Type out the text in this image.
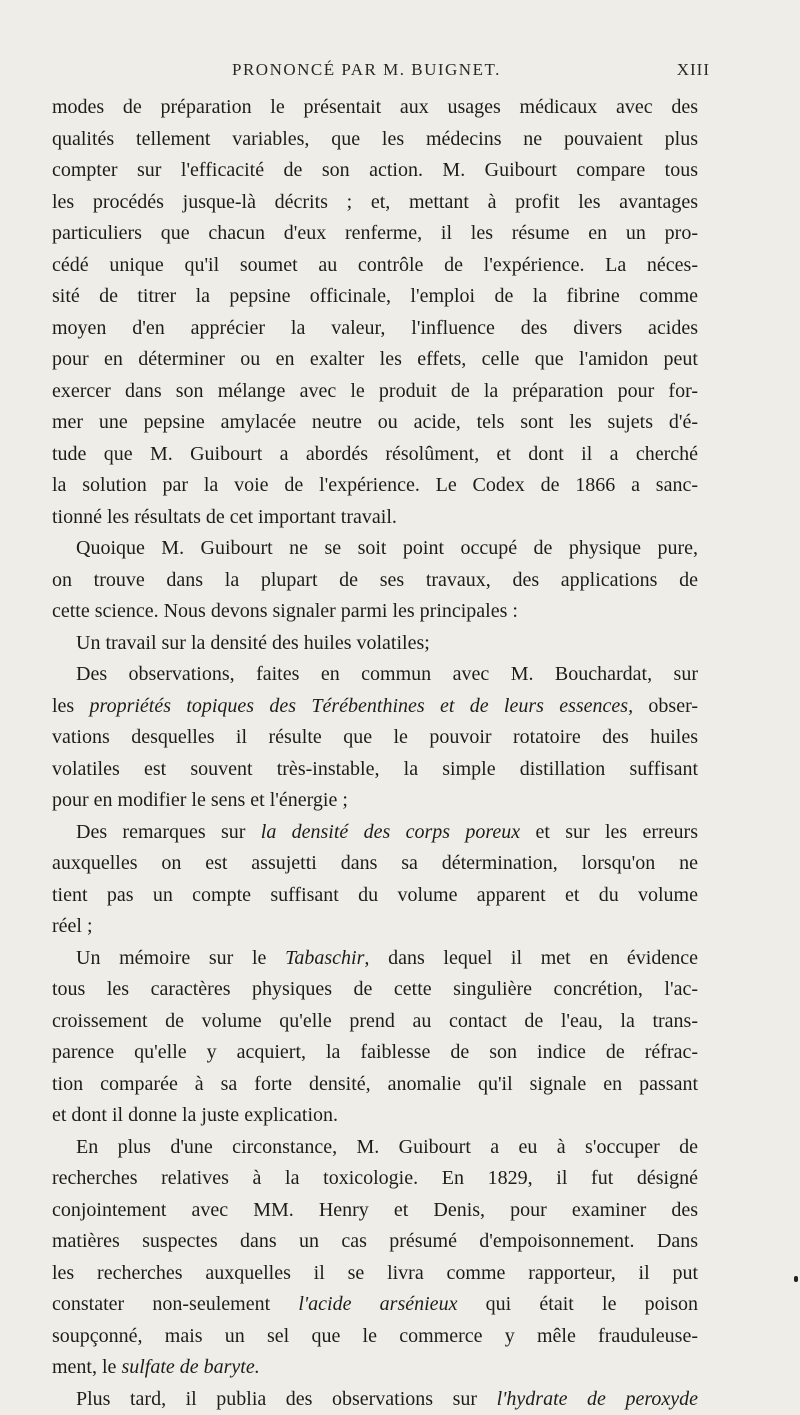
PRONONCÉ PAR M. BUIGNET.	XIII
modes de préparation le présentait aux usages médicaux avec des
qualités tellement variables, que les médecins ne pouvaient plus
compter sur l'efficacité de son action. M. Guibourt compare tous
les procédés jusque-là décrits ; et, mettant à profit les avantages
particuliers que chacun d'eux renferme, il les résume en un pro-
cédé unique qu'il soumet au contrôle de l'expérience. La néces-
sité de titrer la pepsine officinale, l'emploi de la fibrine comme
moyen d'en apprécier la valeur, l'influence des divers acides
pour en déterminer ou en exalter les effets, celle que l'amidon peut
exercer dans son mélange avec le produit de la préparation pour for-
mer une pepsine amylacée neutre ou acide, tels sont les sujets d'é-
tude que M. Guibourt a abordés résolûment, et dont il a cherché
la solution par la voie de l'expérience. Le Codex de 1866 a sanc-
tionné les résultats de cet important travail.
Quoique M. Guibourt ne se soit point occupé de physique pure,
on trouve dans la plupart de ses travaux, des applications de
cette science. Nous devons signaler parmi les principales :
Un travail sur la densité des huiles volatiles;
Des observations, faites en commun avec M. Bouchardat, sur
les propriétés topiques des Térébenthines et de leurs essences, obser-
vations desquelles il résulte que le pouvoir rotatoire des huiles
volatiles est souvent très-instable, la simple distillation suffisant
pour en modifier le sens et l'énergie ;
Des remarques sur la densité des corps poreux et sur les erreurs
auxquelles on est assujetti dans sa détermination, lorsqu'on ne
tient pas un compte suffisant du volume apparent et du volume
réel ;
Un mémoire sur le Tabaschir, dans lequel il met en évidence
tous les caractères physiques de cette singulière concrétion, l'ac-
croissement de volume qu'elle prend au contact de l'eau, la trans-
parence qu'elle y acquiert, la faiblesse de son indice de réfrac-
tion comparée à sa forte densité, anomalie qu'il signale en passant
et dont il donne la juste explication.
En plus d'une circonstance, M. Guibourt a eu à s'occuper de
recherches relatives à la toxicologie. En 1829, il fut désigné
conjointement avec MM. Henry et Denis, pour examiner des
matières suspectes dans un cas présumé d'empoisonnement. Dans
les recherches auxquelles il se livra comme rapporteur, il put
constater non-seulement l'acide arsénieux qui était le poison
soupçonné, mais un sel que le commerce y mêle frauduleuse-
ment, le sulfate de baryte.
Plus tard, il publia des observations sur l'hydrate de peroxyde
